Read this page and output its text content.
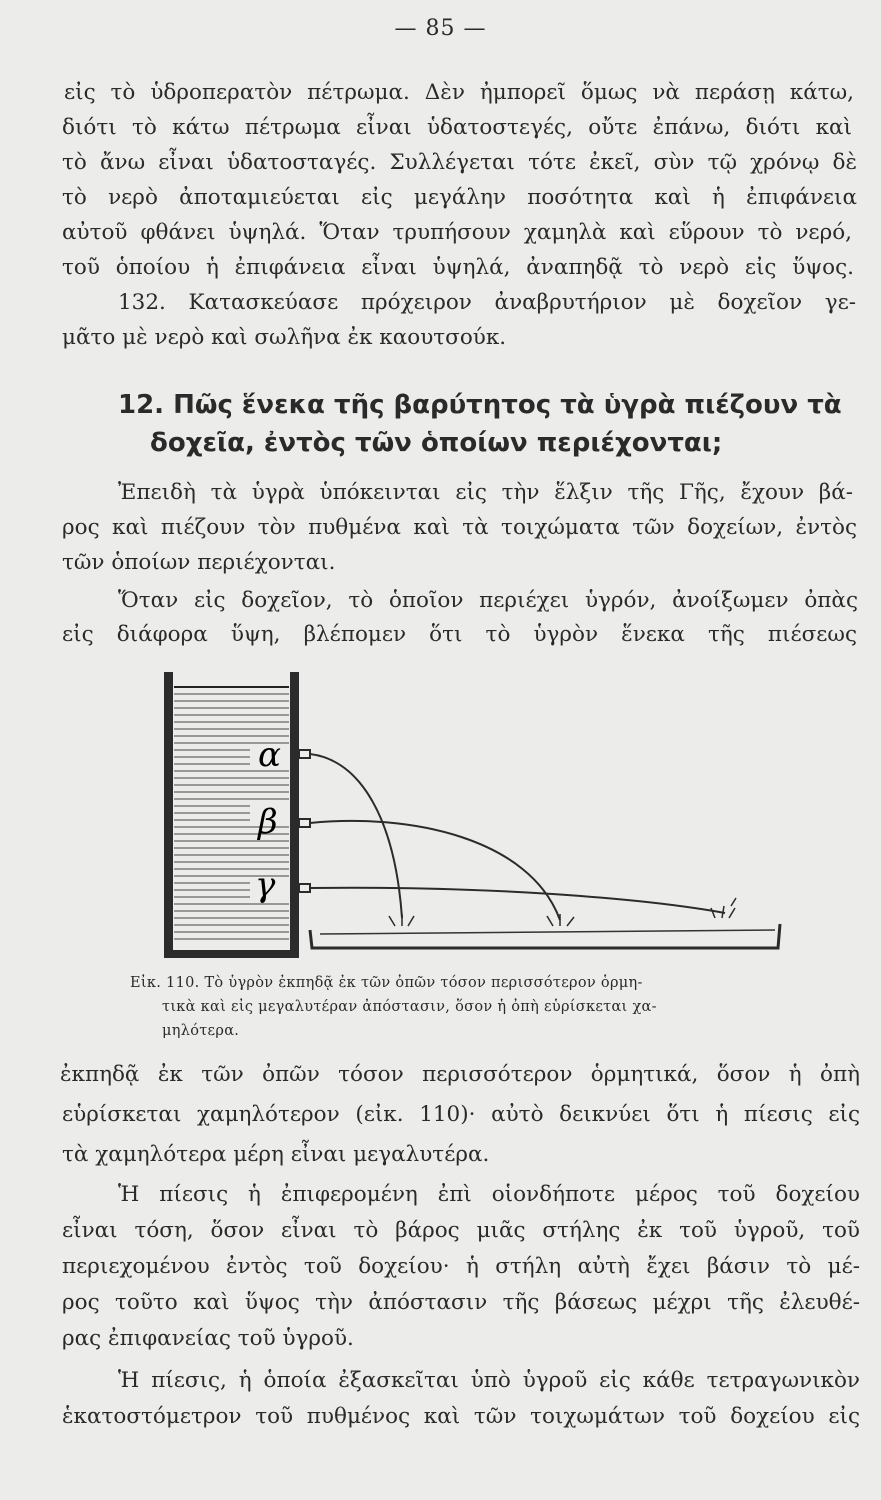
— 85 —
εἰς τὸ ὑδροπερατὸν πέτρωμα. Δὲν ἠμπορεῖ ὅμως νὰ περάσῃ κάτω,
διότι τὸ κάτω πέτρωμα εἶναι ὑδατοστεγές, οὔτε ἐπάνω, διότι καὶ
τὸ ἄνω εἶναι ὑδατοσταγές. Συλλέγεται τότε ἐκεῖ, σὺν τῷ χρόνῳ δὲ
τὸ νερὸ ἀποταμιεύεται εἰς μεγάλην ποσότητα καὶ ἡ ἐπιφάνεια
αὐτοῦ φθάνει ὑψηλά. Ὅταν τρυπήσουν χαμηλὰ καὶ εὕρουν τὸ νερό,
τοῦ ὁποίου ἡ ἐπιφάνεια εἶναι ὑψηλά, ἀναπηδᾷ τὸ νερὸ εἰς ὕψος.
132. Κατασκεύασε πρόχειρον ἀναβρυτήριον μὲ δοχεῖον γε-
μᾶτο μὲ νερὸ καὶ σωλῆνα ἐκ καουτσούκ.
12. Πῶς ἕνεκα τῆς βαρύτητος τὰ ὑγρὰ πιέζουν τὰ
δοχεῖα, ἐντὸς τῶν ὁποίων περιέχονται;
Ἐπειδὴ τὰ ὑγρὰ ὑπόκεινται εἰς τὴν ἕλξιν τῆς Γῆς, ἔχουν βά-
ρος καὶ πιέζουν τὸν πυθμένα καὶ τὰ τοιχώματα τῶν δοχείων, ἐντὸς
τῶν ὁποίων περιέχονται.
Ὅταν εἰς δοχεῖον, τὸ ὁποῖον περιέχει ὑγρόν, ἀνοίξωμεν ὀπὰς
εἰς διάφορα ὕψη, βλέπομεν ὅτι τὸ ὑγρὸν ἕνεκα τῆς πιέσεως
α
β
γ
Εἰκ. 110. Τὸ ὑγρὸν ἐκπηδᾷ ἐκ τῶν ὀπῶν τόσον περισσότερον ὁρμη-
τικὰ καὶ εἰς μεγαλυτέραν ἀπόστασιν, ὅσον ἡ ὀπὴ εὑρίσκεται χα-
μηλότερα.
ἐκπηδᾷ ἐκ τῶν ὀπῶν τόσον περισσότερον ὁρμητικά, ὅσον ἡ ὀπὴ
εὑρίσκεται χαμηλότερον (εἰκ. 110)· αὐτὸ δεικνύει ὅτι ἡ πίεσις εἰς
τὰ χαμηλότερα μέρη εἶναι μεγαλυτέρα.
Ἡ πίεσις ἡ ἐπιφερομένη ἐπὶ οἱονδήποτε μέρος τοῦ δοχείου
εἶναι τόση, ὅσον εἶναι τὸ βάρος μιᾶς στήλης ἐκ τοῦ ὑγροῦ, τοῦ
περιεχομένου ἐντὸς τοῦ δοχείου· ἡ στήλη αὐτὴ ἔχει βάσιν τὸ μέ-
ρος τοῦτο καὶ ὕψος τὴν ἀπόστασιν τῆς βάσεως μέχρι τῆς ἐλευθέ-
ρας ἐπιφανείας τοῦ ὑγροῦ.
Ἡ πίεσις, ἡ ὁποία ἐξασκεῖται ὑπὸ ὑγροῦ εἰς κάθε τετραγωνικὸν
ἑκατοστόμετρον τοῦ πυθμένος καὶ τῶν τοιχωμάτων τοῦ δοχείου εἰς
